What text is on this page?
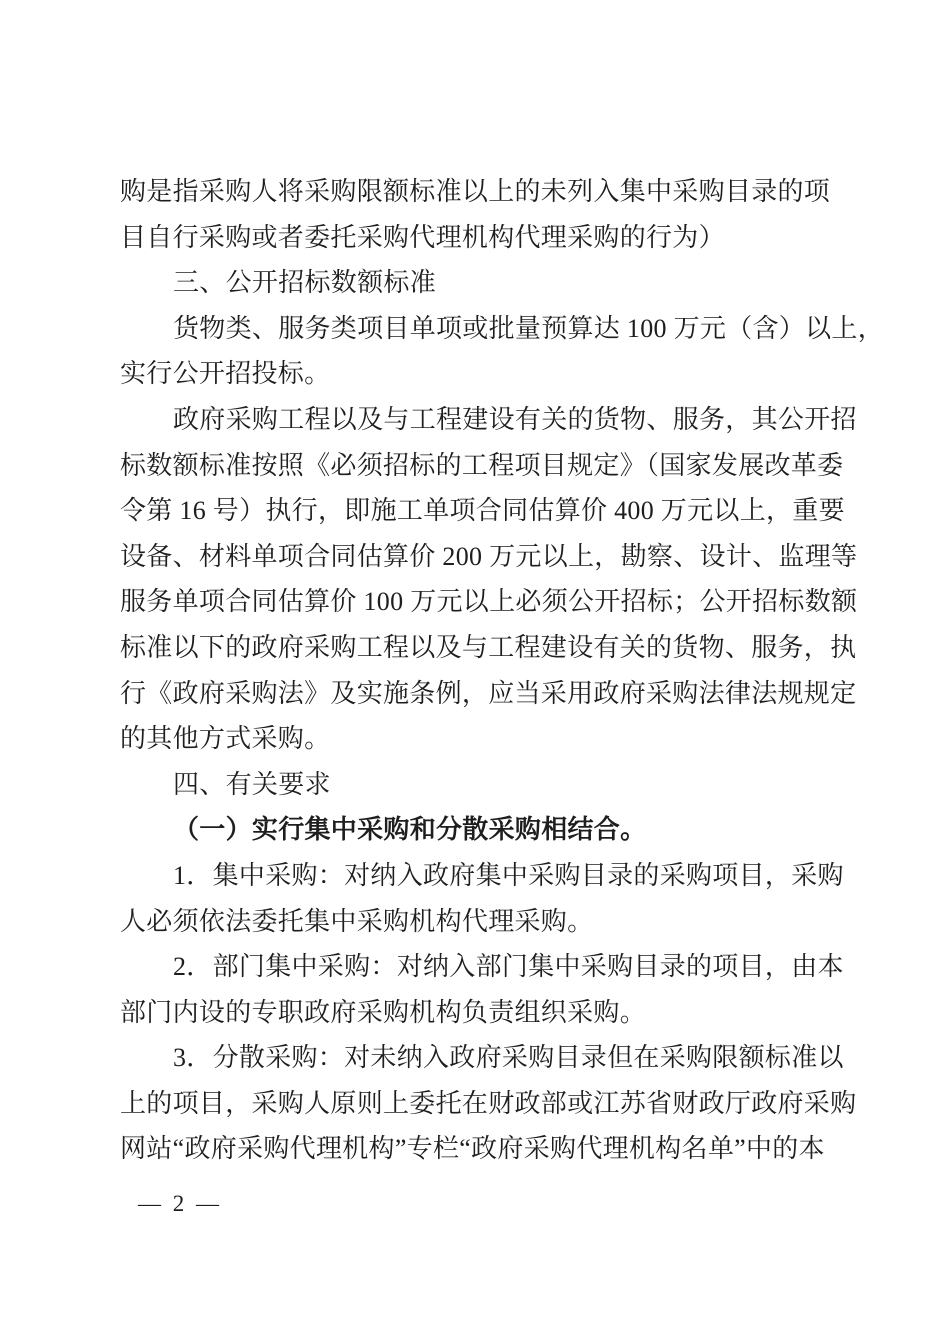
购是指采购人将采购限额标准以上的未列入集中采购目录的项
目自行采购或者委托采购代理机构代理采购的行为）
三、公开招标数额标准
货物类、服务类项目单项或批量预算达 100 万元（含）以上，
实行公开招投标。
政府采购工程以及与工程建设有关的货物、服务，其公开招
标数额标准按照《必须招标的工程项目规定》（国家发展改革委
令第 16 号）执行，即施工单项合同估算价 400 万元以上，重要
设备、材料单项合同估算价 200 万元以上，勘察、设计、监理等
服务单项合同估算价 100 万元以上必须公开招标；公开招标数额
标准以下的政府采购工程以及与工程建设有关的货物、服务，执
行《政府采购法》及实施条例，应当采用政府采购法律法规规定
的其他方式采购。
四、有关要求
（一）实行集中采购和分散采购相结合。
1．集中采购：对纳入政府集中采购目录的采购项目，采购
人必须依法委托集中采购机构代理采购。
2．部门集中采购：对纳入部门集中采购目录的项目，由本
部门内设的专职政府采购机构负责组织采购。
3．分散采购：对未纳入政府采购目录但在采购限额标准以
上的项目，采购人原则上委托在财政部或江苏省财政厅政府采购
网站“政府采购代理机构”专栏“政府采购代理机构名单”中的本
— 2 —
